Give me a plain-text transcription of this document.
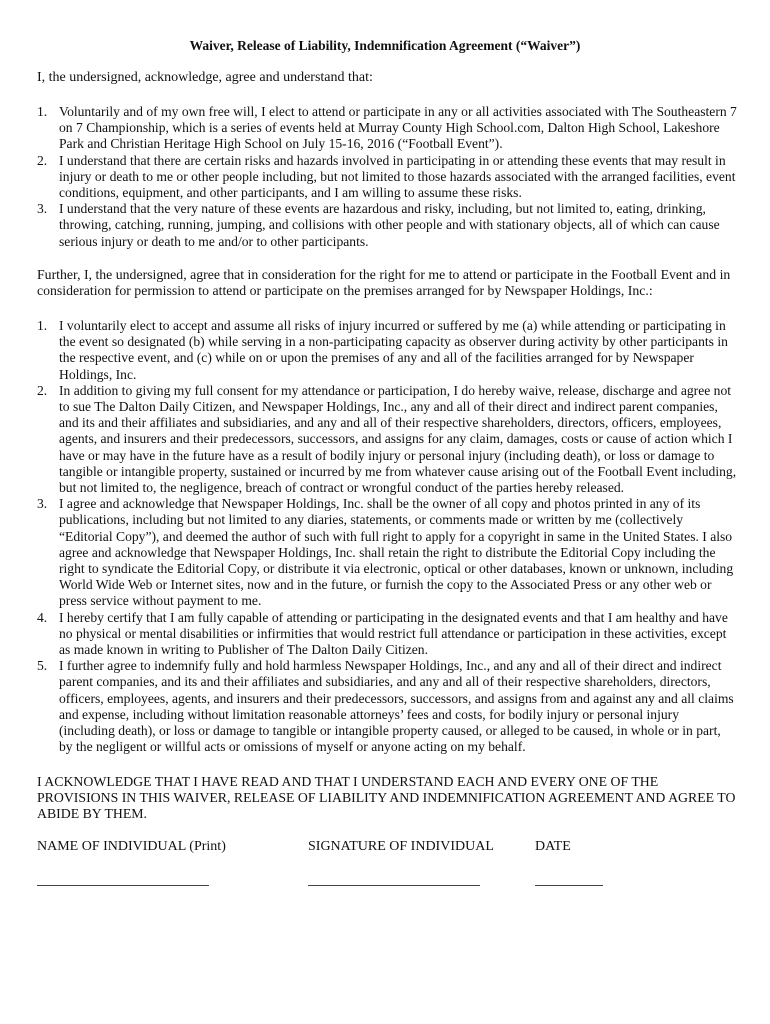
Waiver, Release of Liability, Indemnification Agreement (“Waiver”)
I, the undersigned, acknowledge, agree and understand that:
1. Voluntarily and of my own free will, I elect to attend or participate in any or all activities associated with The Southeastern 7 on 7 Championship, which is a series of events held at Murray County High School.com, Dalton High School, Lakeshore Park and Christian Heritage High School on July 15-16, 2016 (“Football Event”).
2. I understand that there are certain risks and hazards involved in participating in or attending these events that may result in injury or death to me or other people including, but not limited to those hazards associated with the arranged facilities, event conditions, equipment, and other participants, and I am willing to assume these risks.
3. I understand that the very nature of these events are hazardous and risky, including, but not limited to, eating, drinking, throwing, catching, running, jumping, and collisions with other people and with stationary objects, all of which can cause serious injury or death to me and/or to other participants.
Further, I, the undersigned, agree that in consideration for the right for me to attend or participate in the Football Event and in consideration for permission to attend or participate on the premises arranged for by Newspaper Holdings, Inc.:
1. I voluntarily elect to accept and assume all risks of injury incurred or suffered by me (a) while attending or participating in the event so designated (b) while serving in a non-participating capacity as observer during activity by other participants in the respective event, and (c) while on or upon the premises of any and all of the facilities arranged for by Newspaper Holdings, Inc.
2. In addition to giving my full consent for my attendance or participation, I do hereby waive, release, discharge and agree not to sue The Dalton Daily Citizen, and Newspaper Holdings, Inc., any and all of their direct and indirect parent companies, and its and their affiliates and subsidiaries, and any and all of their respective shareholders, directors, officers, employees, agents, and insurers and their predecessors, successors, and assigns for any claim, damages, costs or cause of action which I have or may have in the future have as a result of bodily injury or personal injury (including death), or loss or damage to tangible or intangible property, sustained or incurred by me from whatever cause arising out of the Football Event including, but not limited to, the negligence, breach of contract or wrongful conduct of the parties hereby released.
3. I agree and acknowledge that Newspaper Holdings, Inc. shall be the owner of all copy and photos printed in any of its publications, including but not limited to any diaries, statements, or comments made or written by me (collectively “Editorial Copy”), and deemed the author of such with full right to apply for a copyright in same in the United States. I also agree and acknowledge that Newspaper Holdings, Inc. shall retain the right to distribute the Editorial Copy including the right to syndicate the Editorial Copy, or distribute it via electronic, optical or other databases, known or unknown, including World Wide Web or Internet sites, now and in the future, or furnish the copy to the Associated Press or any other web or press service without payment to me.
4. I hereby certify that I am fully capable of attending or participating in the designated events and that I am healthy and have no physical or mental disabilities or infirmities that would restrict full attendance or participation in these activities, except as made known in writing to Publisher of The Dalton Daily Citizen.
5. I further agree to indemnify fully and hold harmless Newspaper Holdings, Inc., and any and all of their direct and indirect parent companies, and its and their affiliates and subsidiaries, and any and all of their respective shareholders, directors, officers, employees, agents, and insurers and their predecessors, successors, and assigns from and against any and all claims and expense, including without limitation reasonable attorneys’ fees and costs, for bodily injury or personal injury (including death), or loss or damage to tangible or intangible property caused, or alleged to be caused, in whole or in part, by the negligent or willful acts or omissions of myself or anyone acting on my behalf.
I ACKNOWLEDGE THAT I HAVE READ AND THAT I UNDERSTAND EACH AND EVERY ONE OF THE PROVISIONS IN THIS WAIVER, RELEASE OF LIABILITY AND INDEMNIFICATION AGREEMENT AND AGREE TO ABIDE BY THEM.
NAME OF INDIVIDUAL (Print)	SIGNATURE OF INDIVIDUAL	DATE
